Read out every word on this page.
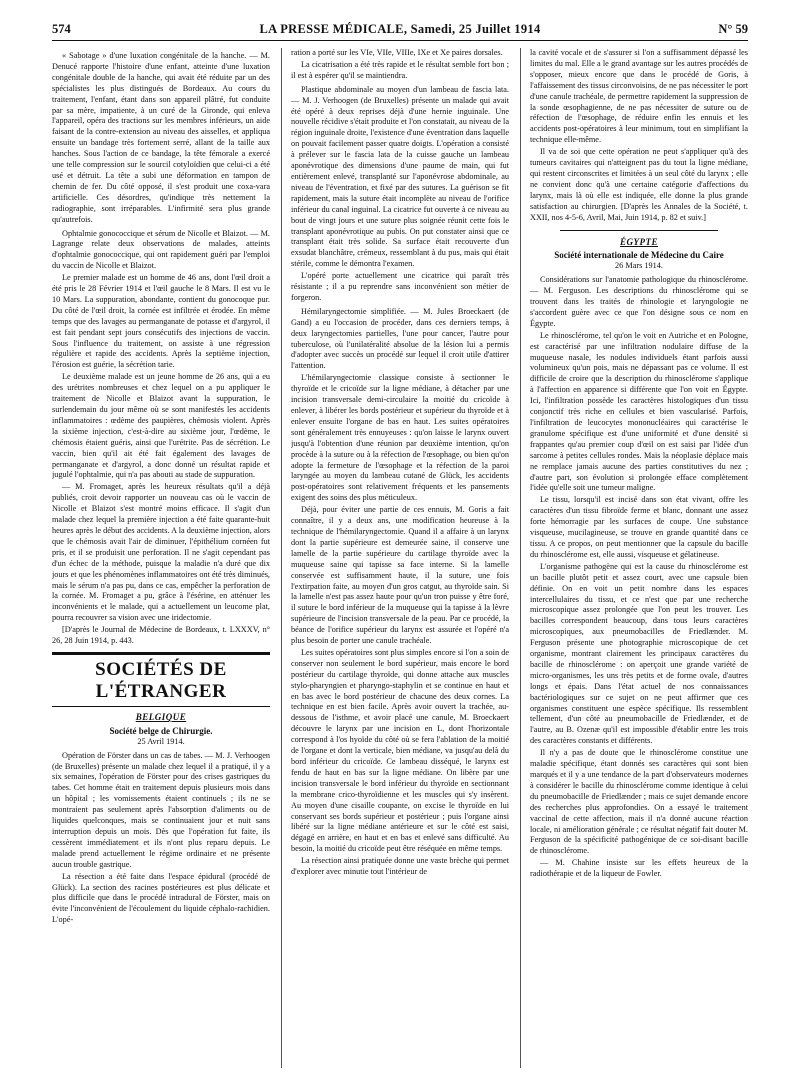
574	LA PRESSE MÉDICALE, Samedi, 25 Juillet 1914	N° 59

« Sabotage » d'une luxation congénitale de la hanche. — M. Denucé rapporte l'histoire d'une enfant, atteinte d'une luxation congénitale double de la hanche, qui avait été réduite par un des spécialistes les plus distingués de Bordeaux. Au cours du traitement, l'enfant, étant dans son appareil plâtré, fut conduite par sa mère, impatiente, à un curé de la Gironde, qui enleva l'appareil, opéra des tractions sur les membres inférieurs, un aide faisant de la contre-extension au niveau des aisselles, et appliqua ensuite un bandage très fortement serré, allant de la taille aux hanches. Sous l'action de ce bandage, la tête fémorale a exercé une telle compression sur le sourcil cotyloïdien que celui-ci a été usé et détruit. La tête a subi une déformation en tampon de chemin de fer. Du côté opposé, il s'est produit une coxa-vara artificielle. Ces désordres, qu'indique très nettement la radiographie, sont irréparables. L'infirmité sera plus grande qu'autrefois.

Ophtalmie gonococcique et sérum de Nicolle et Blaizot. — M. Lagrange relate deux observations de malades, atteints d'ophtalmie gonococcique, qui ont rapidement guéri par l'emploi du vaccin de Nicolle et Blaizot.

Le premier malade est un homme de 46 ans, dont l'œil droit a été pris le 28 Février 1914 et l'œil gauche le 8 Mars. Il est vu le 10 Mars. La suppuration, abondante, contient du gonocoque pur. Du côté de l'œil droit, la cornée est infiltrée et érodée. En même temps que des lavages au permanganate de potasse et d'argyrol, il est fait pendant sept jours consécutifs des injections de vaccin. Sous l'influence du traitement, on assiste à une régression régulière et rapide des accidents. Après la septième injection, l'érosion est guérie, la sécrétion tarie.

Le deuxième malade est un jeune homme de 26 ans, qui a eu des urétrites nombreuses et chez lequel on a pu appliquer le traitement de Nicolle et Blaizot avant la suppuration, le surlendemain du jour même où se sont manifestés les accidents inflammatoires : œdème des paupières, chémosis violent. Après la sixième injection, c'est-à-dire au sixième jour, l'œdème, le chémosis étaient guéris, ainsi que l'urétrite. Pas de sécrétion. Le vaccin, bien qu'il ait été fait également des lavages de permanganate et d'argyrol, a donc donné un résultat rapide et jugulé l'ophtalmie, qui n'a pas abouti au stade de suppuration.

— M. Fromaget, après les heureux résultats qu'il a déjà publiés, croit devoir rapporter un nouveau cas où le vaccin de Nicolle et Blaizot s'est montré moins efficace. Il s'agit d'un malade chez lequel la première injection a été faite quarante-huit heures après le début des accidents. A la deuxième injection, alors que le chémosis avait l'air de diminuer, l'épithélium cornéen fut pris, et il se produisit une perforation. Il ne s'agit cependant pas d'un échec de la méthode, puisque la maladie n'a duré que dix jours et que les phénomènes inflammatoires ont été très diminués, mais le sérum n'a pas pu, dans ce cas, empêcher la perforation de la cornée. M. Fromaget a pu, grâce à l'ésérine, en atténuer les inconvénients et le malade, qui a actuellement un leucome plat, pourra recouvrer sa vision avec une iridectomie.

[D'après le Journal de Médecine de Bordeaux, t. LXXXV, n° 26, 28 Juin 1914, p. 443.

SOCIÉTÉS DE L'ÉTRANGER
BELGIQUE
Société belge de Chirurgie.
25 Avril 1914.

Opération de Förster dans un cas de tabes. — M. J. Verhoogen (de Bruxelles) présente un malade chez lequel il a pratiqué, il y a six semaines, l'opération de Förster pour des crises gastriques du tabes. Cet homme était en traitement depuis plusieurs mois dans un hôpital ; les vomissements étaient continuels ; ils ne se montraient pas seulement après l'absorption d'aliments ou de liquides quelconques, mais se continuaient jour et nuit sans interruption depuis un mois. Dès que l'opération fut faite, ils cessèrent immédiatement et ils n'ont plus reparu depuis. Le malade prend actuellement le régime ordinaire et ne présente aucun trouble gastrique.

La résection a été faite dans l'espace épidural (procédé de Glück). La section des racines postérieures est plus délicate et plus difficile que dans le procédé intradural de Förster, mais on évite l'inconvénient de l'écoulement du liquide céphalo-rachidien. L'opé-

ration a porté sur les VIe, VIIe, VIIIe, IXe et Xe paires dorsales.

La cicatrisation a été très rapide et le résultat semble fort bon ; il est à espérer qu'il se maintiendra.

Plastique abdominale au moyen d'un lambeau de fascia lata. — M. J. Verhoogen (de Bruxelles) présente un malade qui avait été opéré à deux reprises déjà d'une hernie inguinale. Une nouvelle récidive s'était produite et l'on constatait, au niveau de la région inguinale droite, l'existence d'une éventration dans laquelle on pouvait facilement passer quatre doigts. L'opération a consisté à prélever sur le fascia lata de la cuisse gauche un lambeau aponévrotique des dimensions d'une paume de main, qui fut entièrement enlevé, transplanté sur l'aponévrose abdominale, au niveau de l'éventration, et fixé par des sutures. La guérison se fit rapidement, mais la suture était incomplète au niveau de l'orifice inférieur du canal inguinal. La cicatrice fut ouverte à ce niveau au bout de vingt jours et une suture plus soignée réunit cette fois le transplant aponévrotique au pubis. On put constater ainsi que ce transplant était très solide. Sa surface était recouverte d'un exsudat blanchâtre, crémeux, ressemblant à du pus, mais qui était stérile, comme le démontra l'examen.

L'opéré porte actuellement une cicatrice qui paraît très résistante ; il a pu reprendre sans inconvénient son métier de forgeron.

Hémilaryngectomie simplifiée. — M. Jules Broeckaert (de Gand) a eu l'occasion de procéder, dans ces derniers temps, à deux laryngectomies partielles, l'une pour cancer, l'autre pour tuberculose, où l'unilatéralité absolue de la lésion lui a permis d'adopter avec succès un procédé sur lequel il croit utile d'attirer l'attention.

L'hémilaryngectomie classique consiste à sectionner le thyroïde et le cricoïde sur la ligne médiane, à détacher par une incision transversale demi-circulaire la moitié du cricoïde à enlever, à libérer les bords postérieur et supérieur du thyroïde et à enlever ensuite l'organe de bas en haut. Les suites opératoires sont généralement très ennuyeuses : qu'on laisse le larynx ouvert jusqu'à l'obtention d'une réunion par deuxième intention, qu'on procède à la suture ou à la réfection de l'œsophage, ou bien qu'on adopte la fermeture de l'œsophage et la réfection de la paroi laryngée au moyen du lambeau cutané de Glück, les accidents post-opératoires sont relativement fréquents et les pansements exigent des soins des plus méticuleux.

Déjà, pour éviter une partie de ces ennuis, M. Goris a fait connaître, il y a deux ans, une modification heureuse à la technique de l'hémilaryngectomie. Quand il a affaire à un larynx dont la partie supérieure est demeurée saine, il conserve une lamelle de la partie supérieure du cartilage thyroïde avec la muqueuse saine qui tapisse sa face interne. Si la lamelle conservée est suffisamment haute, il la suture, une fois l'extirpation faite, au moyen d'un gros catgut, au thyroïde sain. Si la lamelle n'est pas assez haute pour qu'un tron puisse y être foré, il suture le bord inférieur de la muqueuse qui la tapisse à la lèvre supérieure de l'incision transversale de la peau. Par ce procédé, la béance de l'orifice supérieur du larynx est assurée et l'opéré n'a plus besoin de porter une canule trachéale.

Les suites opératoires sont plus simples encore si l'on a soin de conserver non seulement le bord supérieur, mais encore le bord postérieur du cartilage thyroïde, qui donne attache aux muscles stylo-pharyngien et pharyngo-staphylin et se continue en haut et en bas avec le bord postérieur de chacune des deux cornes. La technique en est bien facile. Après avoir ouvert la trachée, au-dessous de l'isthme, et avoir placé une canule, M. Broeckaert découvre le larynx par une incision en L, dont l'horizontale correspond à l'os hyoïde du côté où se fera l'ablation de la moitié de l'organe et dont la verticale, bien médiane, va jusqu'au delà du bord inférieur du cricoïde. Ce lambeau disséqué, le larynx est fendu de haut en bas sur la ligne médiane. On libère par une incision transversale le bord inférieur du thyroïde en sectionnant la membrane crico-thyroïdienne et les muscles qui s'y insèrent. Au moyen d'une cisaille coupante, on excise le thyroïde en lui conservant ses bords supérieur et postérieur ; puis l'organe ainsi libéré sur la ligne médiane antérieure et sur le côté est saisi, dégagé en arrière, en haut et en bas et enlevé sans difficulté. Au besoin, la moitié du cricoïde peut être réséquée en même temps.

La résection ainsi pratiquée donne une vaste brèche qui permet d'explorer avec minutie tout l'intérieur de

la cavité vocale et de s'assurer si l'on a suffisamment dépassé les limites du mal. Elle a le grand avantage sur les autres procédés de s'opposer, mieux encore que dans le procédé de Goris, à l'affaissement des tissus circonvoisins, de ne pas nécessiter le port d'une canule trachéale, de permettre rapidement la suppression de la sonde œsophagienne, de ne pas nécessiter de suture ou de réfection de l'œsophage, de réduire enfin les ennuis et les accidents post-opératoires à leur minimum, tout en simplifiant la technique elle-même.

Il va de soi que cette opération ne peut s'appliquer qu'à des tumeurs cavitaires qui n'atteignent pas du tout la ligne médiane, qui restent circonscrites et limitées à un seul côté du larynx ; elle ne convient donc qu'à une certaine catégorie d'affections du larynx, mais là où elle est indiquée, elle donne la plus grande satisfaction au chirurgien. [D'après les Annales de la Société, t. XXII, nos 4-5-6, Avril, Mai, Juin 1914, p. 82 et suiv.]

ÉGYPTE
Société internationale de Médecine du Caire
26 Mars 1914.

Considérations sur l'anatomie pathologique du rhinosclérome. — M. Ferguson. Les descriptions du rhinosclérome qui se trouvent dans les traités de rhinologie et laryngologie ne s'accordent guère avec ce que l'on désigne sous ce nom en Égypte.

Le rhinosclérome, tel qu'on le voit en Autriche et en Pologne, est caractérisé par une infiltration nodulaire diffuse de la muqueuse nasale, les nodules individuels étant parfois aussi volumineux qu'un pois, mais ne dépassant pas ce volume. Il est difficile de croire que la description du rhinosclérome s'applique à l'affection en apparence si différente que l'on voit en Égypte. Ici, l'infiltration possède les caractères histologiques d'un tissu conjonctif très riche en cellules et bien vascularisé. Parfois, l'infiltration de leucocytes mononucléaires qui caractérise le granulome spécifique est d'une uniformité et d'une densité si frappantes qu'au premier coup d'œil on est saisi par l'idée d'un sarcome à petites cellules rondes. Mais la néoplasie déplace mais ne remplace jamais aucune des parties constitutives du nez ; d'autre part, son évolution si prolongée efface complètement l'idée qu'elle soit une tumeur maligne.

Le tissu, lorsqu'il est incisé dans son état vivant, offre les caractères d'un tissu fibroïde ferme et blanc, donnant une assez forte hémorragie par les surfaces de coupe. Une substance visqueuse, mucilagineuse, se trouve en grande quantité dans ce tissu. A ce propos, on peut mentionner que la capsule du bacille du rhinosclérome est, elle aussi, visqueuse et gélatineuse.

L'organisme pathogène qui est la cause du rhinosclérome est un bacille plutôt petit et assez court, avec une capsule bien définie. On en voit un petit nombre dans les espaces intercellulaires du tissu, et ce n'est que par une recherche microscopique assez prolongée que l'on peut les trouver. Les bacilles correspondent beaucoup, dans tous leurs caractères microscopiques, aux pneumobacilles de Friedlænder. M. Ferguson présente une photographie microscopique de cet organisme, montrant clairement les principaux caractères du bacille de rhinosclérome : on aperçoit une grande variété de micro-organismes, les uns très petits et de forme ovale, d'autres longs et épais. Dans l'état actuel de nos connaissances bactériologiques sur ce sujet on ne peut affirmer que ces organismes constituent une espèce spécifique. Ils ressemblent tellement, d'un côté au pneumobacille de Friedlænder, et de l'autre, au B. Ozenæ qu'il est impossible d'établir entre les trois des caractères constants et différents.

Il n'y a pas de doute que le rhinosclérome constitue une maladie spécifique, étant donnés ses caractères qui sont bien marqués et il y a une tendance de la part d'observateurs modernes à considérer le bacille du rhinosclérome comme identique à celui du pneumobacille de Friedlænder ; mais ce sujet demande encore des recherches plus approfondies. On a essayé le traitement vaccinal de cette affection, mais il n'a donné aucune réaction locale, ni amélioration générale ; ce résultat négatif fait douter M. Ferguson de la spécificité pathogénique de ce soi-disant bacille de rhinosclérome.

— M. Chahine insiste sur les effets heureux de la radiothérapie et de la liqueur de Fowler.
